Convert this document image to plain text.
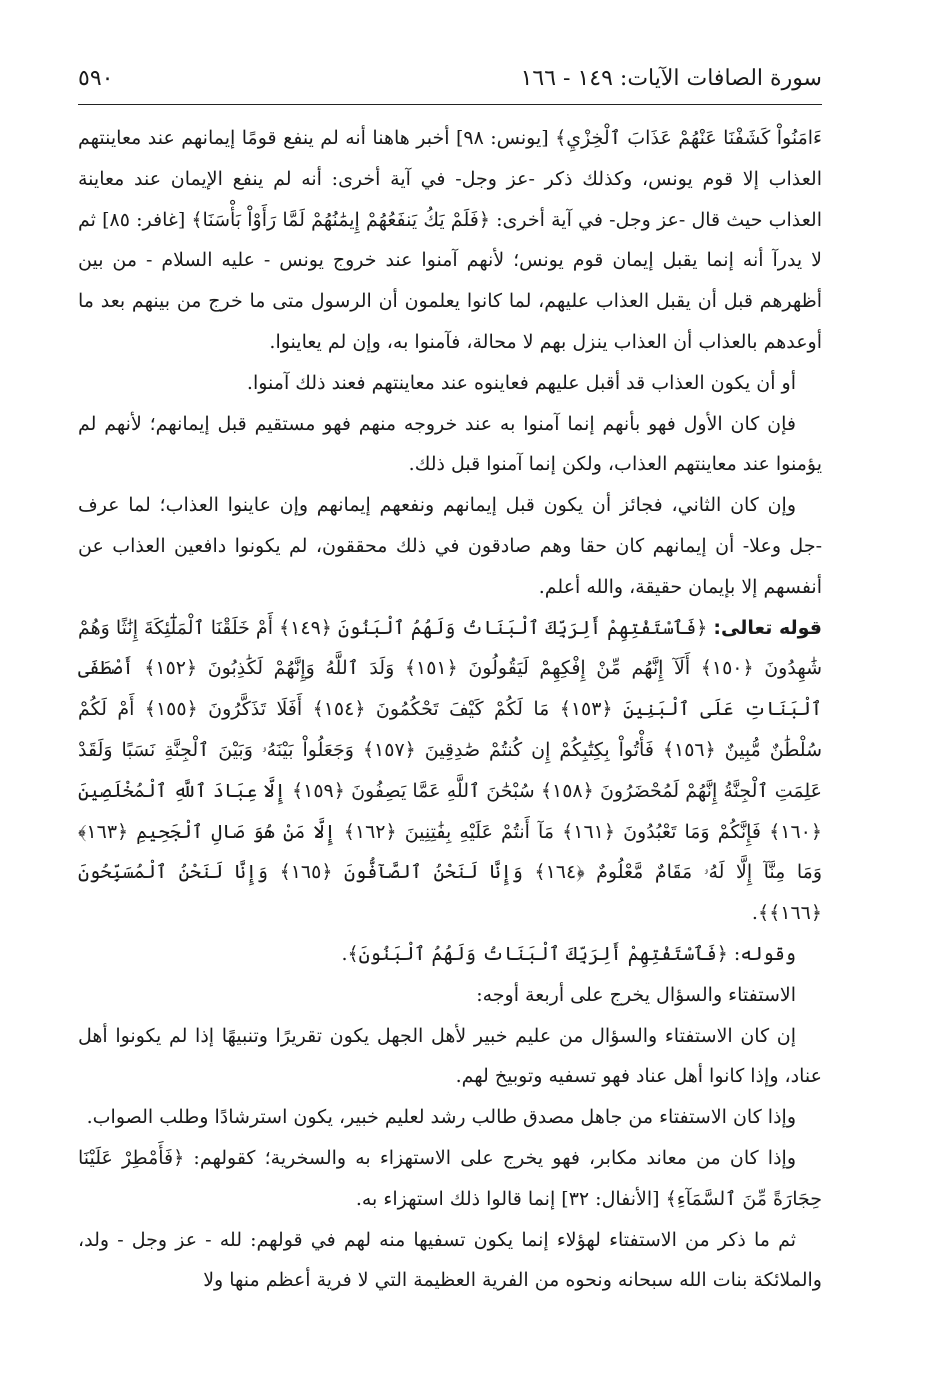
سورة الصافات الآيات: ١٤٩ - ١٦٦
٥٩٠

ءَامَنُواْ كَشَفْنَا عَنْهُمْ عَذَابَ ٱلْخِزْيِ﴾ [يونس: ٩٨] أخبر هاهنا أنه لم ينفع قومًا إيمانهم عند معاينتهم العذاب إلا قوم يونس، وكذلك ذكر -عز وجل- في آية أخرى: أنه لم ينفع الإيمان عند معاينة العذاب حيث قال -عز وجل- في آية أخرى: ﴿فَلَمْ يَكُ يَنفَعُهُمْ إِيمَٰنُهُمْ لَمَّا رَأَوْاْ بَأْسَنَا﴾ [غافر: ٨٥] ثم لا يدرآ أنه إنما يقبل إيمان قوم يونس؛ لأنهم آمنوا عند خروج يونس - عليه السلام - من بين أظهرهم قبل أن يقبل العذاب عليهم، لما كانوا يعلمون أن الرسول متى ما خرج من بينهم بعد ما أوعدهم بالعذاب أن العذاب ينزل بهم لا محالة، فآمنوا به، وإن لم يعاينوا.

أو أن يكون العذاب قد أقبل عليهم فعاينوه عند معاينتهم فعند ذلك آمنوا.

فإن كان الأول فهو بأنهم إنما آمنوا به عند خروجه منهم فهو مستقيم قبل إيمانهم؛ لأنهم لم يؤمنوا عند معاينتهم العذاب، ولكن إنما آمنوا قبل ذلك.

وإن كان الثاني، فجائز أن يكون قبل إيمانهم ونفعهم إيمانهم وإن عاينوا العذاب؛ لما عرف -جل وعلا- أن إيمانهم كان حقا وهم صادقون في ذلك محققون، لم يكونوا دافعين العذاب عن أنفسهم إلا بإيمان حقيقة، والله أعلم.

قوله تعالى: ﴿فَٱسْتَفْتِهِمْ أَلِرَبِّكَ ٱلْبَنَاتُ وَلَهُمُ ٱلْبَنُونَ ﴿١٤٩﴾ أَمْ خَلَقْنَا ٱلْمَلَٰٓئِكَةَ إِنَٰثًا وَهُمْ شَٰهِدُونَ ﴿١٥٠﴾ أَلَآ إِنَّهُم مِّنْ إِفْكِهِمْ لَيَقُولُونَ ﴿١٥١﴾ وَلَدَ ٱللَّهُ وَإِنَّهُمْ لَكَٰذِبُونَ ﴿١٥٢﴾ أَصْطَفَى ٱلْبَنَاتِ عَلَى ٱلْبَنِينَ ﴿١٥٣﴾ مَا لَكُمْ كَيْفَ تَحْكُمُونَ ﴿١٥٤﴾ أَفَلَا تَذَكَّرُونَ ﴿١٥٥﴾ أَمْ لَكُمْ سُلْطَٰنٌ مُّبِينٌ ﴿١٥٦﴾ فَأْتُواْ بِكِتَٰبِكُمْ إِن كُنتُمْ صَٰدِقِينَ ﴿١٥٧﴾ وَجَعَلُواْ بَيْنَهُۥ وَبَيْنَ ٱلْجِنَّةِ نَسَبًا وَلَقَدْ عَلِمَتِ ٱلْجِنَّةُ إِنَّهُمْ لَمُحْضَرُونَ ﴿١٥٨﴾ سُبْحَٰنَ ٱللَّهِ عَمَّا يَصِفُونَ ﴿١٥٩﴾ إِلَّا عِبَادَ ٱللَّهِ ٱلْمُخْلَصِينَ ﴿١٦٠﴾ فَإِنَّكُمْ وَمَا تَعْبُدُونَ ﴿١٦١﴾ مَآ أَنتُمْ عَلَيْهِ بِفَٰتِنِينَ ﴿١٦٢﴾ إِلَّا مَنْ هُوَ صَالِ ٱلْجَحِيمِ ﴿١٦٣﴾ وَمَا مِنَّآ إِلَّا لَهُۥ مَقَامٌ مَّعْلُومٌ ﴿١٦٤﴾ وَإِنَّا لَنَحْنُ ٱلصَّآفُّونَ ﴿١٦٥﴾ وَإِنَّا لَنَحْنُ ٱلْمُسَبِّحُونَ ﴿١٦٦﴾﴾.

وقوله: ﴿فَٱسْتَفْتِهِمْ أَلِرَبِّكَ ٱلْبَنَاتُ وَلَهُمُ ٱلْبَنُونَ﴾.

الاستفتاء والسؤال يخرج على أربعة أوجه:

إن كان الاستفتاء والسؤال من عليم خبير لأهل الجهل يكون تقريرًا وتنبيهًا إذا لم يكونوا أهل عناد، وإذا كانوا أهل عناد فهو تسفيه وتوبيخ لهم.

وإذا كان الاستفتاء من جاهل مصدق طالب رشد لعليم خبير، يكون استرشادًا وطلب الصواب.

وإذا كان من معاند مكابر، فهو يخرج على الاستهزاء به والسخرية؛ كقولهم: ﴿فَأَمْطِرْ عَلَيْنَا حِجَارَةً مِّنَ ٱلسَّمَآءِ﴾ [الأنفال: ٣٢] إنما قالوا ذلك استهزاء به.

ثم ما ذكر من الاستفتاء لهؤلاء إنما يكون تسفيها منه لهم في قولهم: لله - عز وجل - ولد، والملائكة بنات الله سبحانه ونحوه من الفرية العظيمة التي لا فرية أعظم منها ولا
